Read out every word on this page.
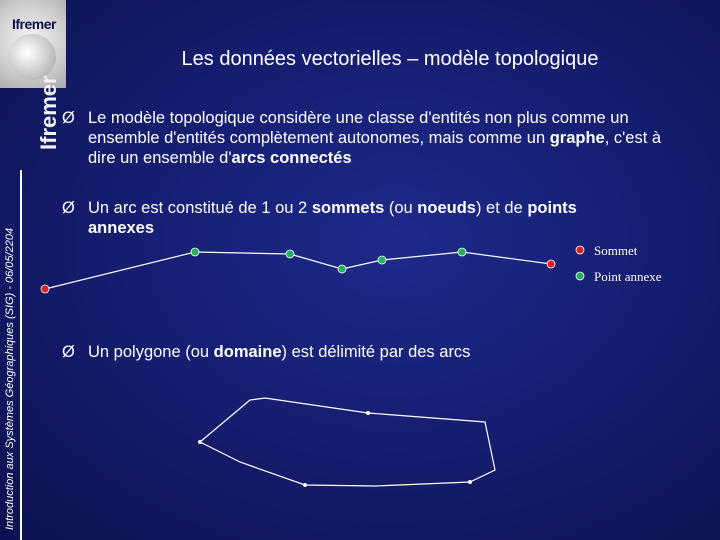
Ifremer
Ifremer
Introduction aux Systèmes Géographiques (SIG) - 06/05/2204
Les données vectorielles – modèle topologique
Ø Le modèle topologique considère une classe d'entités non plus comme un ensemble d'entités complètement autonomes, mais comme un graphe, c'est à dire un ensemble d'arcs connectés
Ø Un arc est constitué de 1 ou 2 sommets (ou noeuds) et de points annexes
Ø Un polygone (ou domaine) est délimité par des arcs
Sommet
Point annexe
